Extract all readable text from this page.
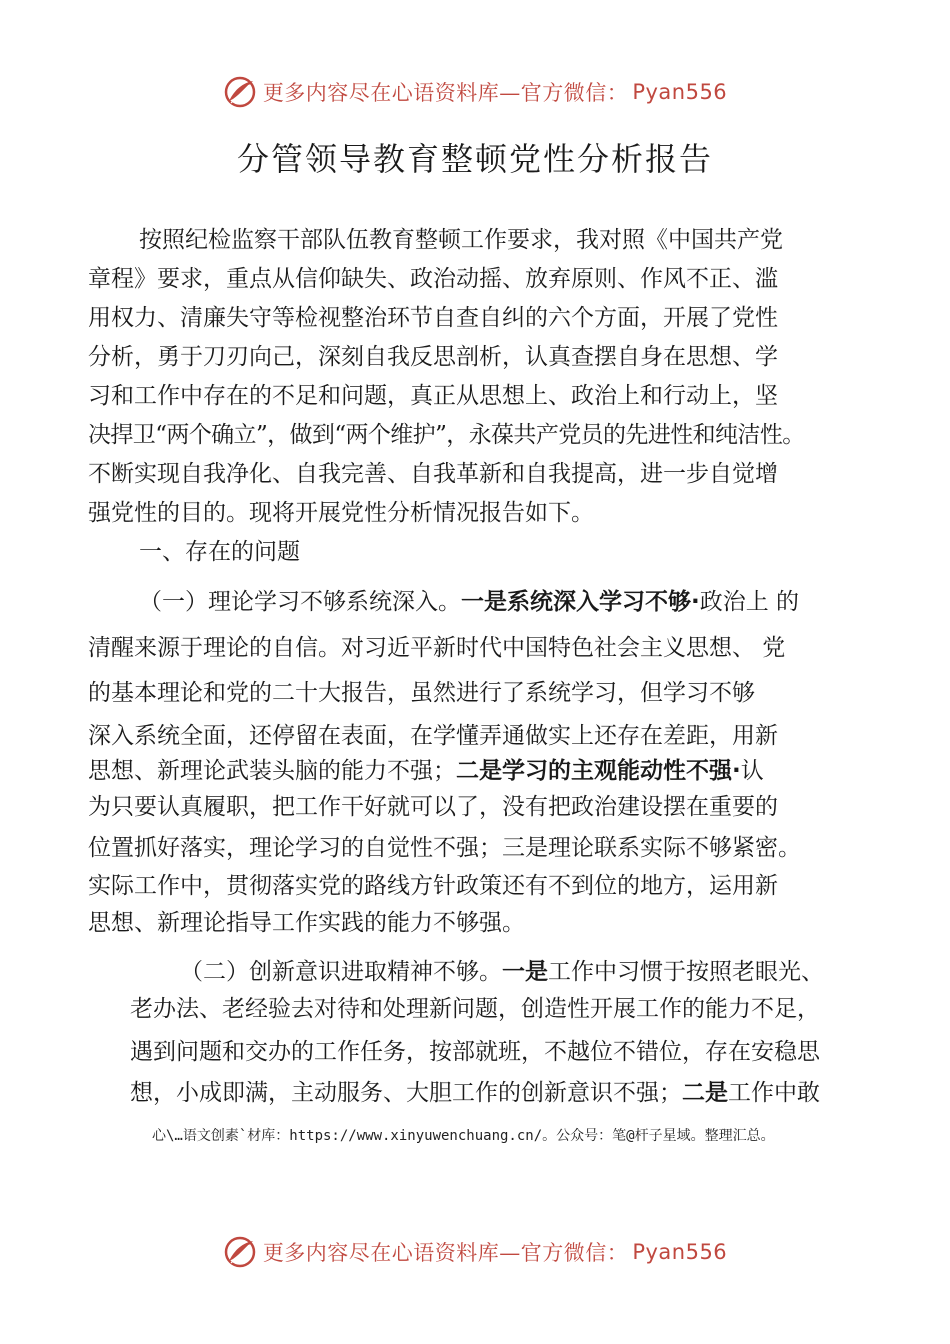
更多内容尽在心语资料库—官方微信： Pyan556
分管领导教育整顿党性分析报告
按照纪检监察干部队伍教育整顿工作要求，我对照《中国共产党
章程》要求，重点从信仰缺失、政治动摇、放弃原则、作风不正、滥
用权力、清廉失守等检视整治环节自查自纠的六个方面，开展了党性
分析，勇于刀刃向己，深刻自我反思剖析，认真查摆自身在思想、学
习和工作中存在的不足和问题，真正从思想上、政治上和行动上，坚
决捍卫“两个确立”，做到“两个维护”，永葆共产党员的先进性和纯洁性。
不断实现自我净化、自我完善、自我革新和自我提高，进一步自觉增
强党性的目的。现将开展党性分析情况报告如下。
一、存在的问题
（一）理论学习不够系统深入。一是系统深入学习不够·政治上 的
清醒来源于理论的自信。对习近平新时代中国特色社会主义思想、 党
的基本理论和党的二十大报告，虽然进行了系统学习，但学习不够
深入系统全面，还停留在表面，在学懂弄通做实上还存在差距，用新
思想、新理论武装头脑的能力不强；二是学习的主观能动性不强·认
为只要认真履职，把工作干好就可以了，没有把政治建设摆在重要的
位置抓好落实，理论学习的自觉性不强；三是理论联系实际不够紧密。
实际工作中，贯彻落实党的路线方针政策还有不到位的地方，运用新
思想、新理论指导工作实践的能力不够强。
（二）创新意识进取精神不够。一是工作中习惯于按照老眼光、
老办法、老经验去对待和处理新问题，创造性开展工作的能力不足，
遇到问题和交办的工作任务，按部就班，不越位不错位，存在安稳思
想，小成即满，主动服务、大胆工作的创新意识不强；二是工作中敢
心\…语文创素`材库：https://www.xinyuwenchuang.cn/。公众号：笔@杆子星域。整理汇总。
更多内容尽在心语资料库—官方微信： Pyan556
